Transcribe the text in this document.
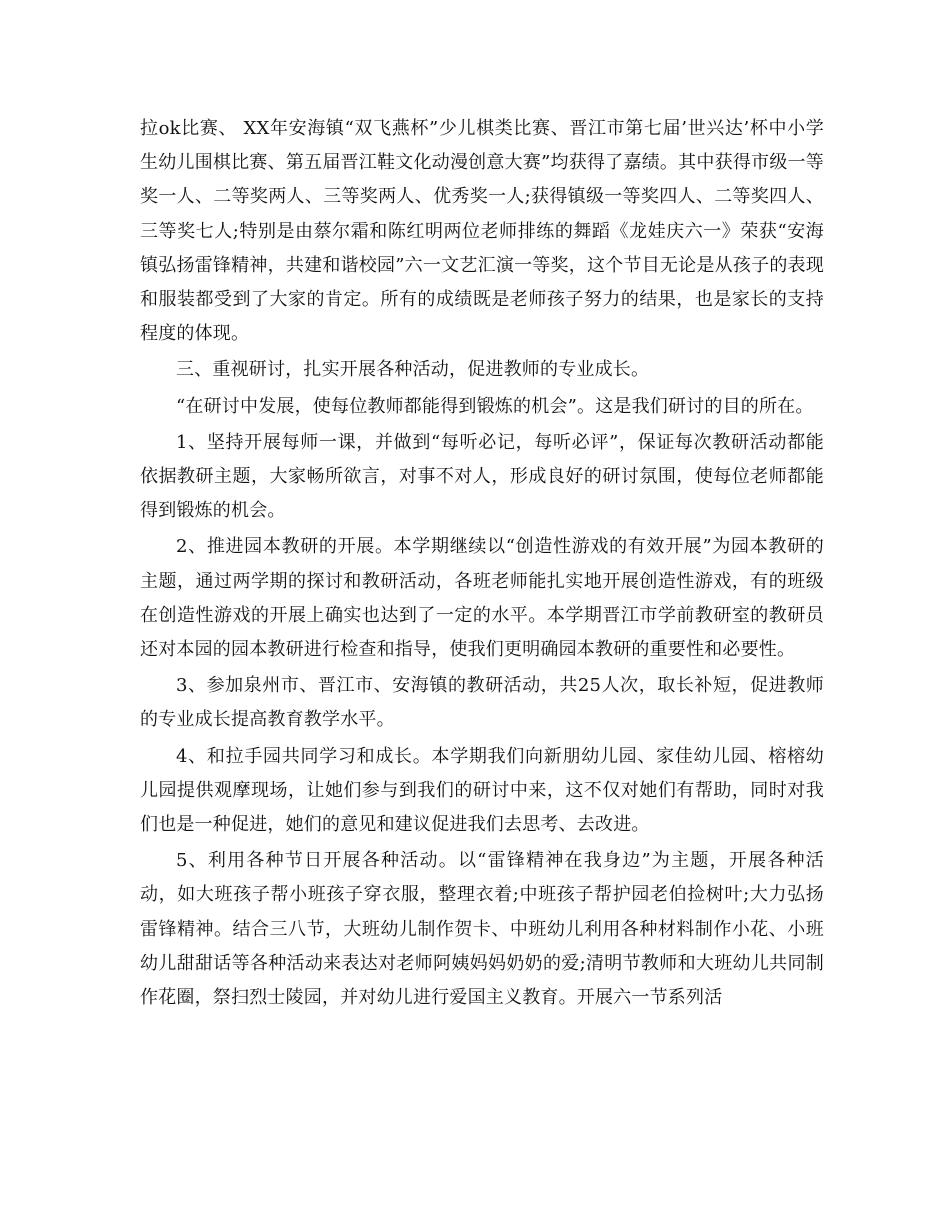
拉ok比赛、 XX年安海镇“双飞燕杯”少儿棋类比赛、晋江市第七届’世兴达’杯中小学生幼儿围棋比赛、第五届晋江鞋文化动漫创意大赛”均获得了嘉绩。其中获得市级一等奖一人、二等奖两人、三等奖两人、优秀奖一人;获得镇级一等奖四人、二等奖四人、三等奖七人;特别是由蔡尔霜和陈红明两位老师排练的舞蹈《龙娃庆六一》荣获“安海镇弘扬雷锋精神，共建和谐校园”六一文艺汇演一等奖，这个节目无论是从孩子的表现和服装都受到了大家的肯定。所有的成绩既是老师孩子努力的结果，也是家长的支持程度的体现。

三、重视研讨，扎实开展各种活动，促进教师的专业成长。

“在研讨中发展，使每位教师都能得到锻炼的机会”。这是我们研讨的目的所在。

1、坚持开展每师一课，并做到“每听必记，每听必评”，保证每次教研活动都能依据教研主题，大家畅所欲言，对事不对人，形成良好的研讨氛围，使每位老师都能得到锻炼的机会。

2、推进园本教研的开展。本学期继续以“创造性游戏的有效开展”为园本教研的主题，通过两学期的探讨和教研活动，各班老师能扎实地开展创造性游戏，有的班级在创造性游戏的开展上确实也达到了一定的水平。本学期晋江市学前教研室的教研员还对本园的园本教研进行检查和指导，使我们更明确园本教研的重要性和必要性。

3、参加泉州市、晋江市、安海镇的教研活动，共25人次，取长补短，促进教师的专业成长提高教育教学水平。

4、和拉手园共同学习和成长。本学期我们向新朋幼儿园、家佳幼儿园、榕榕幼儿园提供观摩现场，让她们参与到我们的研讨中来，这不仅对她们有帮助，同时对我们也是一种促进，她们的意见和建议促进我们去思考、去改进。

5、利用各种节日开展各种活动。以“雷锋精神在我身边”为主题，开展各种活动，如大班孩子帮小班孩子穿衣服，整理衣着;中班孩子帮护园老伯捡树叶;大力弘扬雷锋精神。结合三八节，大班幼儿制作贺卡、中班幼儿利用各种材料制作小花、小班幼儿甜甜话等各种活动来表达对老师阿姨妈妈奶奶的爱;清明节教师和大班幼儿共同制作花圈，祭扫烈士陵园，并对幼儿进行爱国主义教育。开展六一节系列活
